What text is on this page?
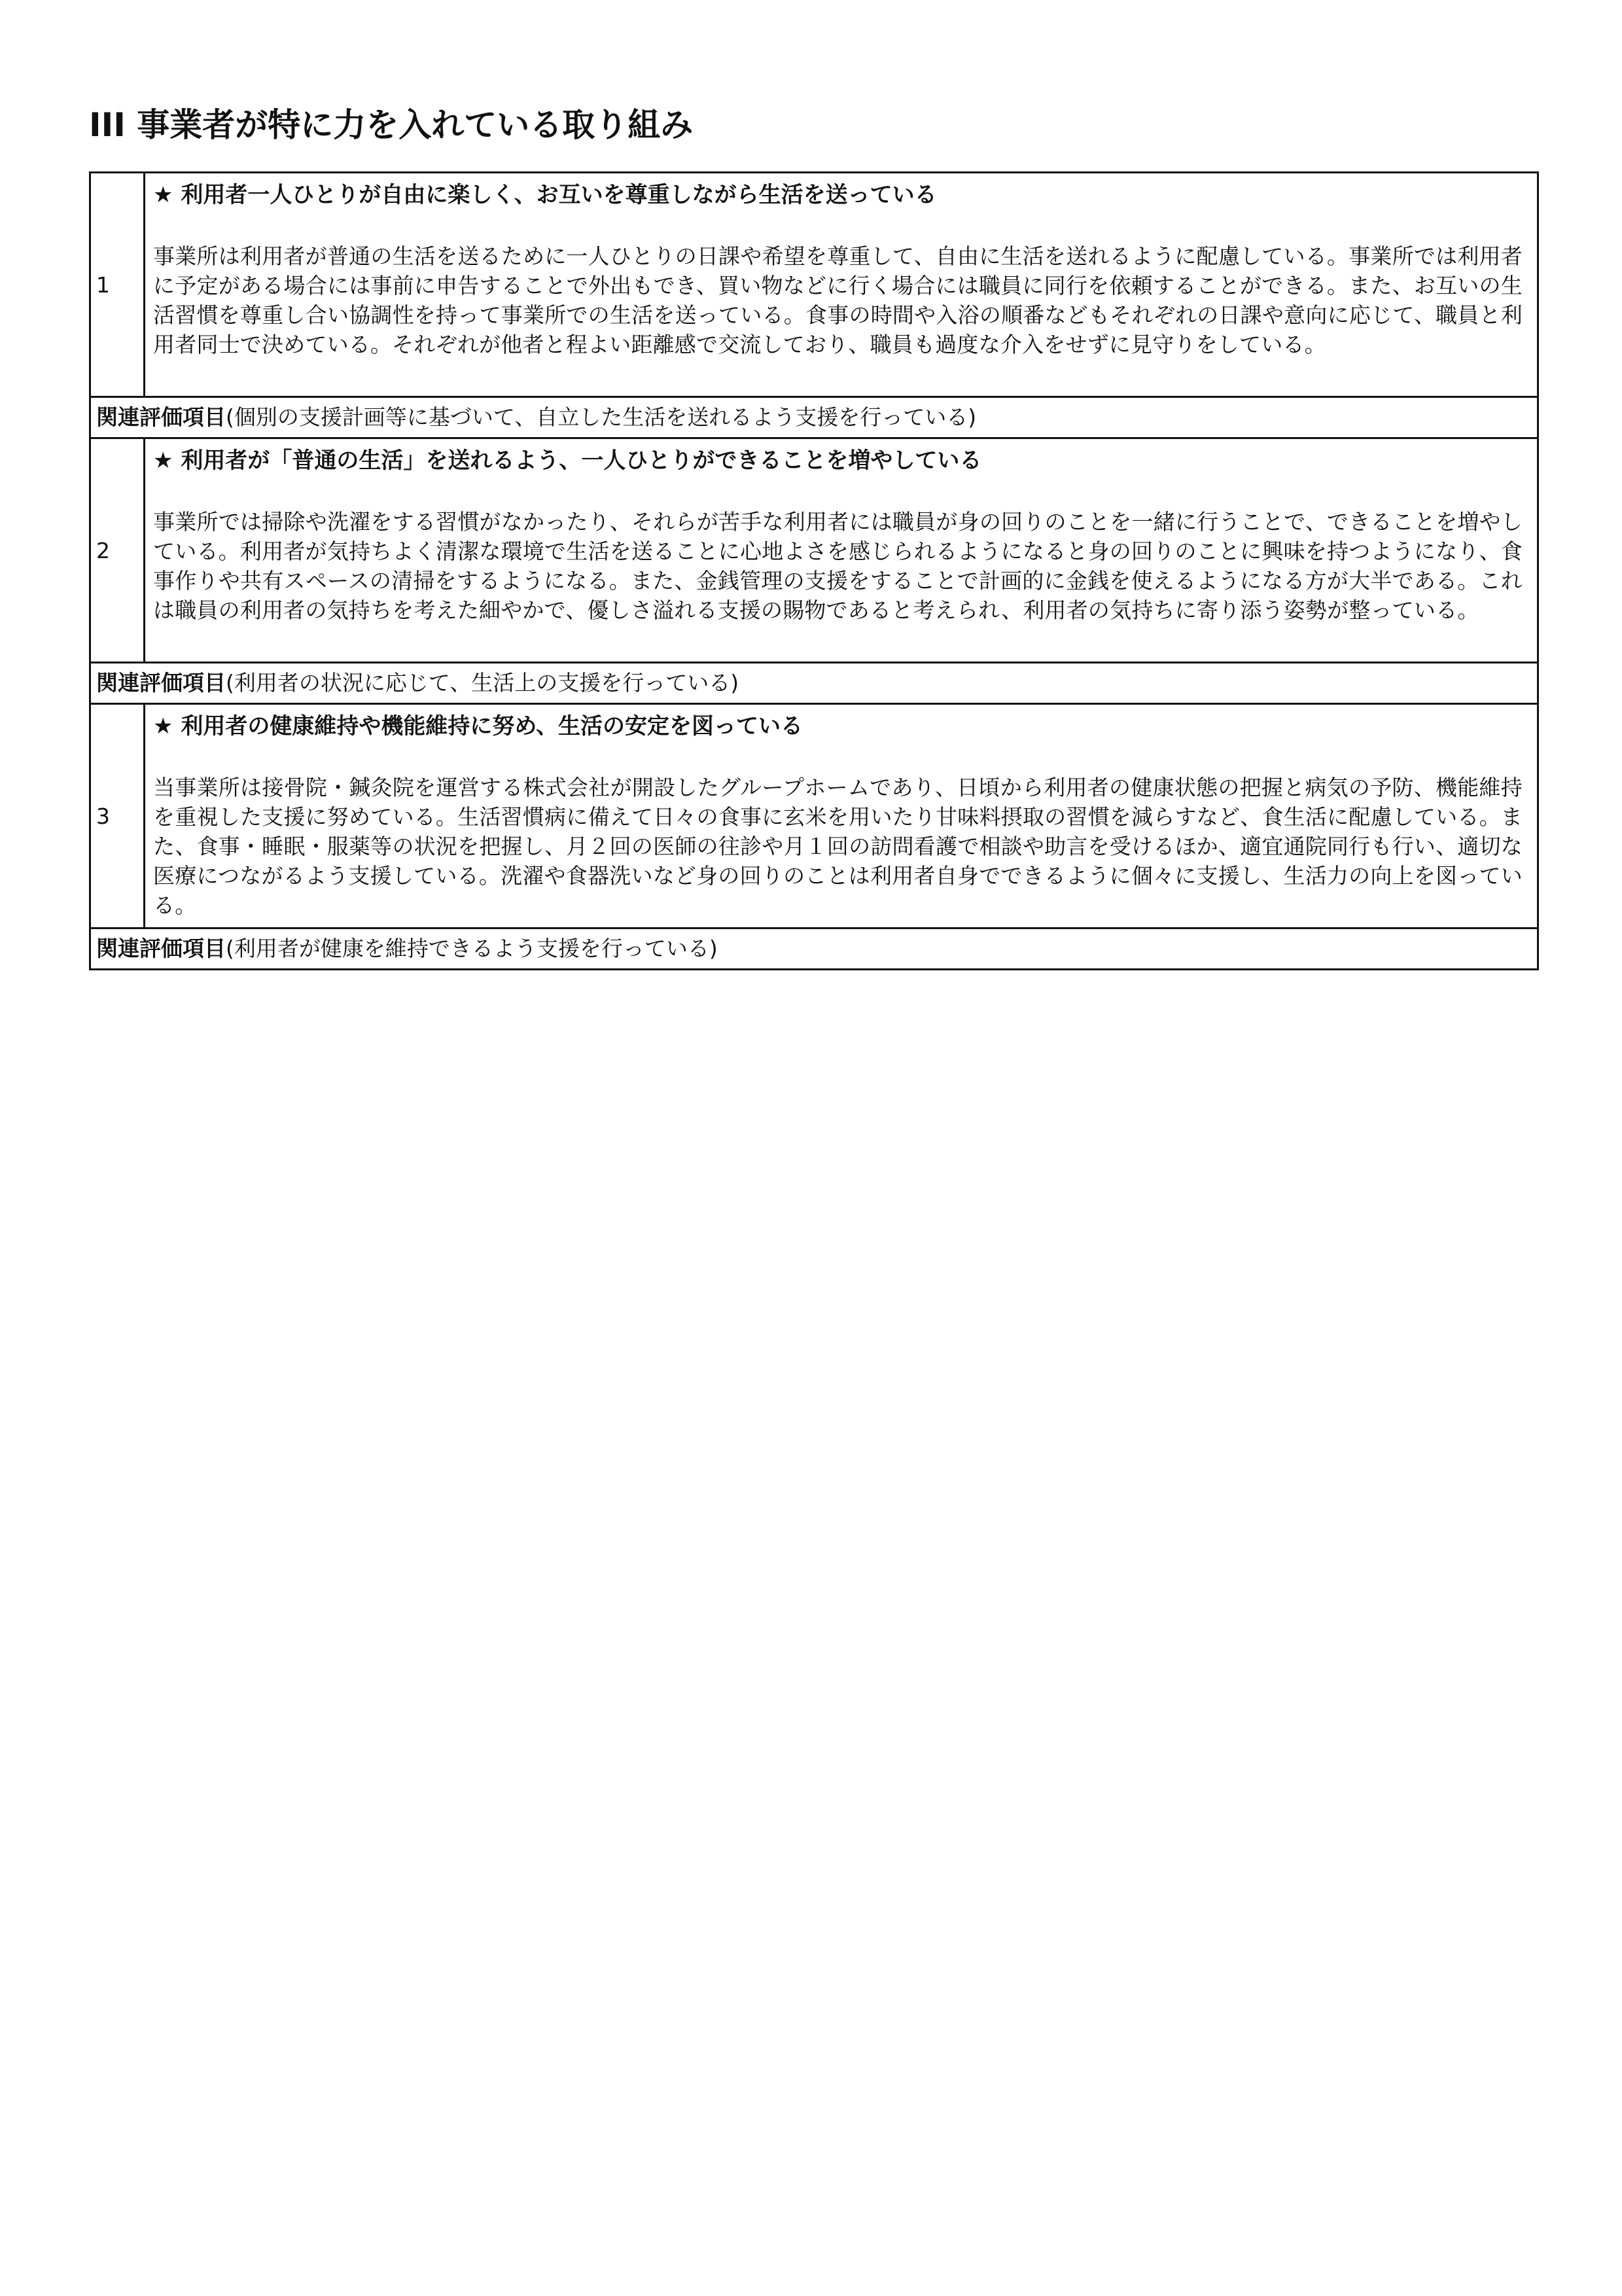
III 事業者が特に力を入れている取り組み
1	★ 利用者一人ひとりが自由に楽しく、お互いを尊重しながら生活を送っている

事業所は利用者が普通の生活を送るために一人ひとりの日課や希望を尊重して、自由に生活を送れるように配慮している。事業所では利用者に予定がある場合には事前に申告することで外出もでき、買い物などに行く場合には職員に同行を依頼することができる。また、お互いの生活習慣を尊重し合い協調性を持って事業所での生活を送っている。食事の時間や入浴の順番などもそれぞれの日課や意向に応じて、職員と利用者同士で決めている。それぞれが他者と程よい距離感で交流しており、職員も過度な介入をせずに見守りをしている。

関連評価項目(個別の支援計画等に基づいて、自立した生活を送れるよう支援を行っている)	
2	★ 利用者が「普通の生活」を送れるよう、一人ひとりができることを増やしている

事業所では掃除や洗濯をする習慣がなかったり、それらが苦手な利用者には職員が身の回りのことを一緒に行うことで、できることを増やしている。利用者が気持ちよく清潔な環境で生活を送ることに心地よさを感じられるようになると身の回りのことに興味を持つようになり、食事作りや共有スペースの清掃をするようになる。また、金銭管理の支援をすることで計画的に金銭を使えるようになる方が大半である。これは職員の利用者の気持ちを考えた細やかで、優しさ溢れる支援の賜物であると考えられ、利用者の気持ちに寄り添う姿勢が整っている。

関連評価項目(利用者の状況に応じて、生活上の支援を行っている)	
3	★ 利用者の健康維持や機能維持に努め、生活の安定を図っている

当事業所は接骨院・鍼灸院を運営する株式会社が開設したグループホームであり、日頃から利用者の健康状態の把握と病気の予防、機能維持を重視した支援に努めている。生活習慣病に備えて日々の食事に玄米を用いたり甘味料摂取の習慣を減らすなど、食生活に配慮している。また、食事・睡眠・服薬等の状況を把握し、月２回の医師の往診や月１回の訪問看護で相談や助言を受けるほか、適宜通院同行も行い、適切な医療につながるよう支援している。洗濯や食器洗いなど身の回りのことは利用者自身でできるように個々に支援し、生活力の向上を図っている。

関連評価項目(利用者が健康を維持できるよう支援を行っている)	
